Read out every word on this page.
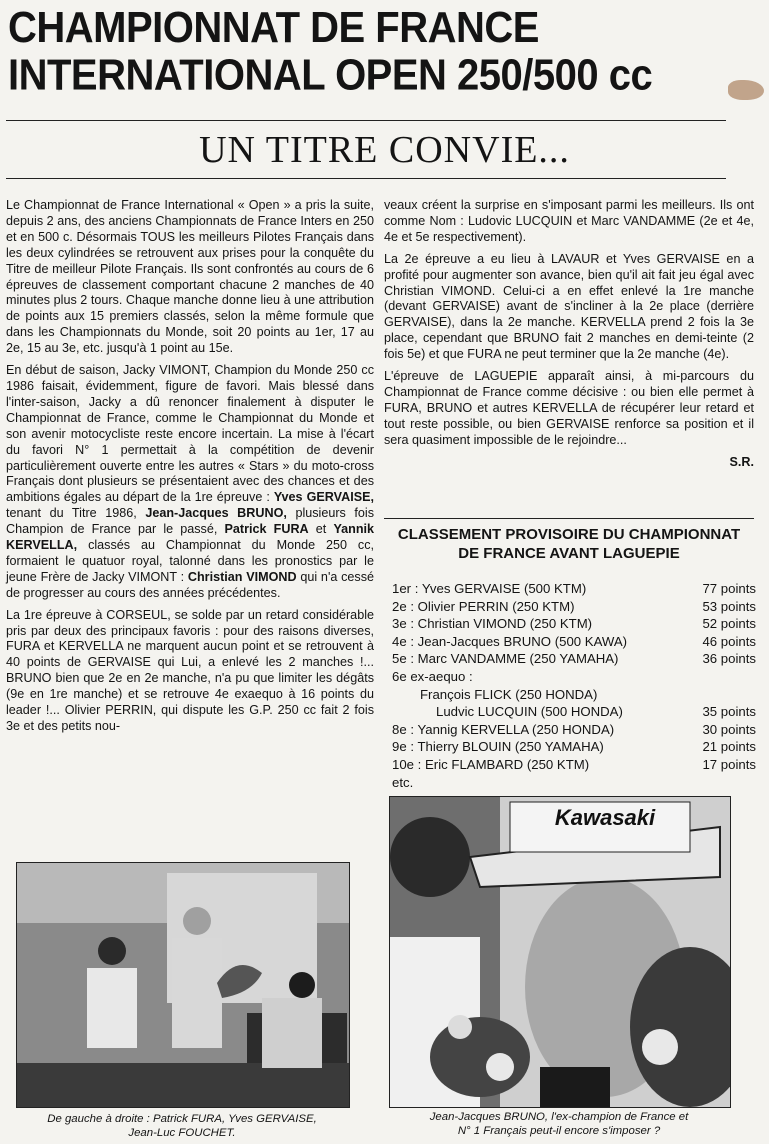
CHAMPIONNAT DE FRANCE
INTERNATIONAL OPEN 250/500 cc
UN TITRE CONVIE...

Le Championnat de France International « Open » a pris la suite, depuis 2 ans, des anciens Championnats de France Inters en 250 et en 500 c. Désormais TOUS les meilleurs Pilotes Français dans les deux cylindrées se retrouvent aux prises pour la conquête du Titre de meilleur Pilote Français. Ils sont confrontés au cours de 6 épreuves de classement comportant chacune 2 manches de 40 minutes plus 2 tours. Chaque manche donne lieu à une attribution de points aux 15 premiers classés, selon la même formule que dans les Championnats du Monde, soit 20 points au 1er, 17 au 2e, 15 au 3e, etc. jusqu'à 1 point au 15e.

En début de saison, Jacky VIMONT, Champion du Monde 250 cc 1986 faisait, évidemment, figure de favori. Mais blessé dans l'inter-saison, Jacky a dû renoncer finalement à disputer le Championnat de France, comme le Championnat du Monde et son avenir motocycliste reste encore incertain. La mise à l'écart du favori N° 1 permettait à la compétition de devenir particulièrement ouverte entre les autres « Stars » du moto-cross Français dont plusieurs se présentaient avec des chances et des ambitions égales au départ de la 1re épreuve : Yves GERVAISE, tenant du Titre 1986, Jean-Jacques BRUNO, plusieurs fois Champion de France par le passé, Patrick FURA et Yannik KERVELLA, classés au Championnat du Monde 250 cc, formaient le quatuor royal, talonné dans les pronostics par le jeune Frère de Jacky VIMONT : Christian VIMOND qui n'a cessé de progresser au cours des années précédentes.

La 1re épreuve à CORSEUL, se solde par un retard considérable pris par deux des principaux favoris : pour des raisons diverses, FURA et KERVELLA ne marquent aucun point et se retrouvent à 40 points de GERVAISE qui Lui, a enlevé les 2 manches !... BRUNO bien que 2e en 2e manche, n'a pu que limiter les dégâts (9e en 1re manche) et se retrouve 4e exaequo à 16 points du leader !... Olivier PERRIN, qui dispute les G.P. 250 cc fait 2 fois 3e et des petits nou-

veaux créent la surprise en s'imposant parmi les meilleurs. Ils ont comme Nom : Ludovic LUCQUIN et Marc VANDAMME (2e et 4e, 4e et 5e respectivement).

La 2e épreuve a eu lieu à LAVAUR et Yves GERVAISE en a profité pour augmenter son avance, bien qu'il ait fait jeu égal avec Christian VIMOND. Celui-ci a en effet enlevé la 1re manche (devant GERVAISE) avant de s'incliner à la 2e place (derrière GERVAISE), dans la 2e manche. KERVELLA prend 2 fois la 3e place, cependant que BRUNO fait 2 manches en demi-teinte (2 fois 5e) et que FURA ne peut terminer que la 2e manche (4e).

L'épreuve de LAGUEPIE apparaît ainsi, à mi-parcours du Championnat de France comme décisive : ou bien elle permet à FURA, BRUNO et autres KERVELLA de récupérer leur retard et tout reste possible, ou bien GERVAISE renforce sa position et il sera quasiment impossible de le rejoindre...

S.R.
CLASSEMENT PROVISOIRE DU CHAMPIONNAT
DE FRANCE AVANT LAGUEPIE
1er : Yves GERVAISE (500 KTM)	77 points
2e : Olivier PERRIN (250 KTM)	53 points
3e : Christian VIMOND (250 KTM)	52 points
4e : Jean-Jacques BRUNO (500 KAWA)	46 points
5e : Marc VANDAMME (250 YAMAHA)	36 points
6e ex-aequo :
François FLICK (250 HONDA)
Ludvic LUCQUIN (500 HONDA)	35 points
8e : Yannig KERVELLA (250 HONDA)	30 points
9e : Thierry BLOUIN (250 YAMAHA)	21 points
10e : Eric FLAMBARD (250 KTM)	17 points
etc.
De gauche à droite : Patrick FURA, Yves GERVAISE,
Jean-Luc FOUCHET.
Kawasaki
Jean-Jacques BRUNO, l'ex-champion de France et
N° 1 Français peut-il encore s'imposer ?
